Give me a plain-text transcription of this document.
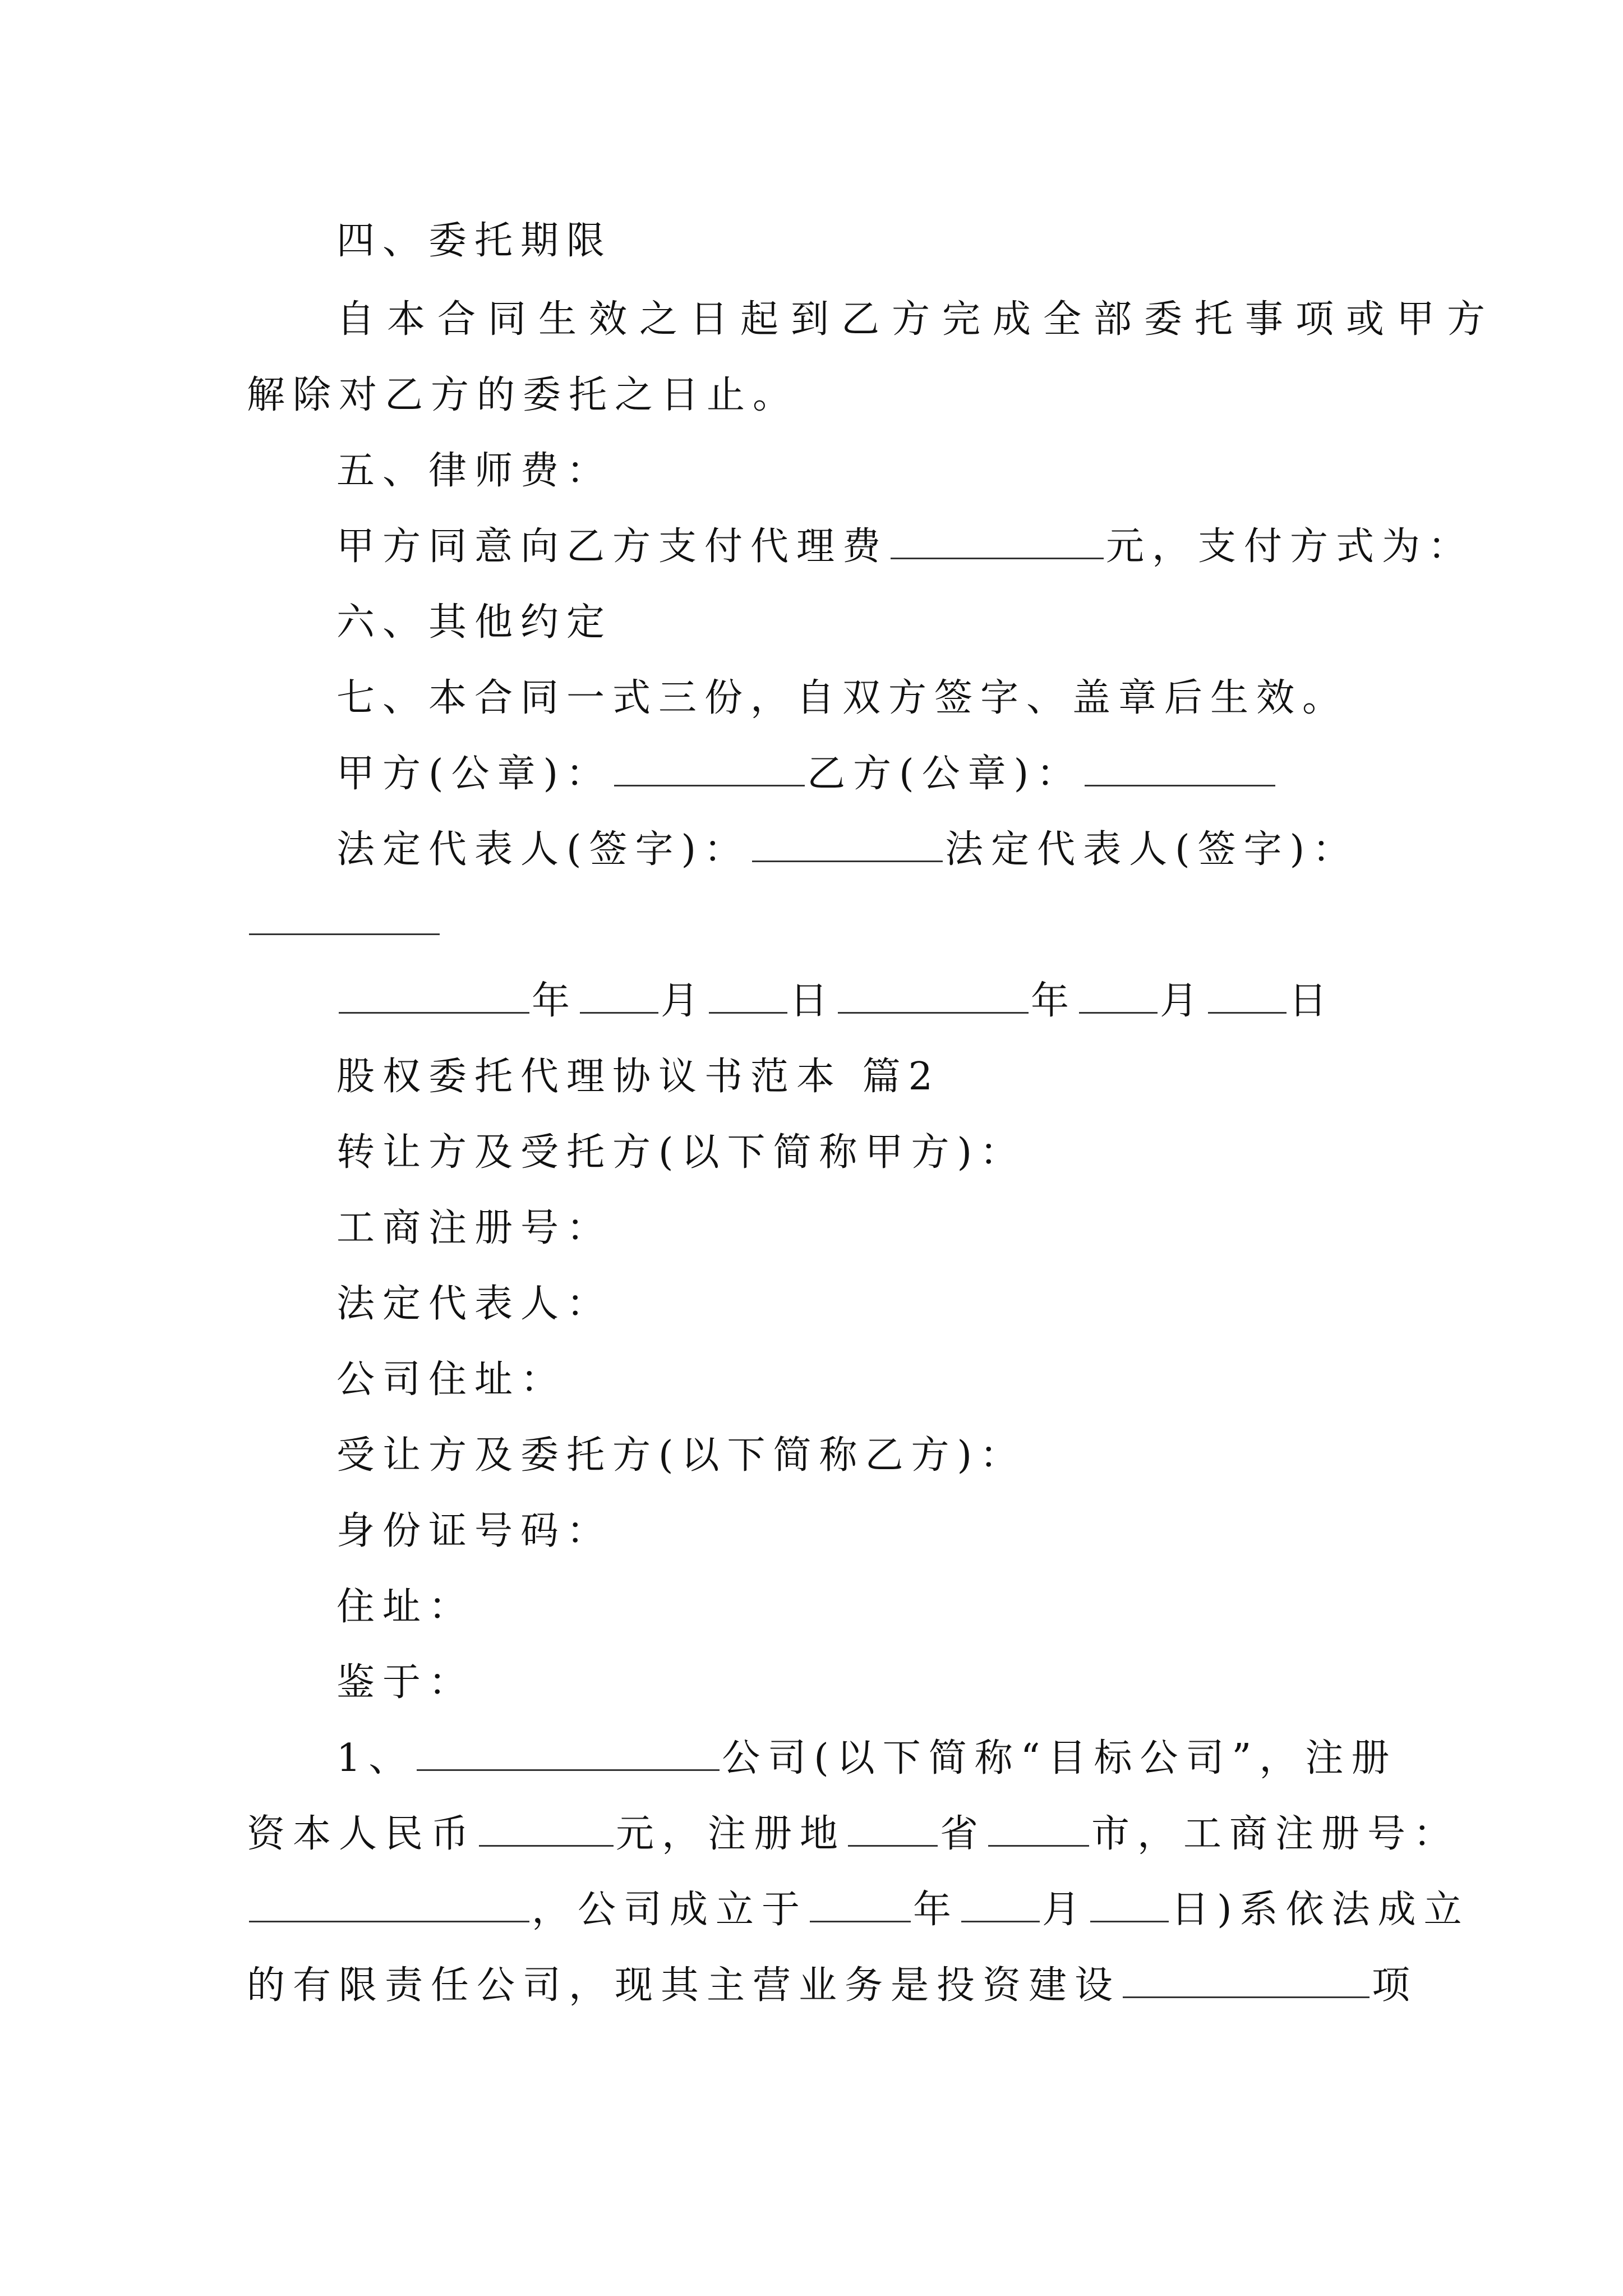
四、委托期限
自本合同生效之日起到乙方完成全部委托事项或甲方
解除对乙方的委托之日止。
五、律师费：
甲方同意向乙方支付代理费	元，支付方式为：
六、其他约定
七、本合同一式三份，自双方签字、盖章后生效。
甲方(公章)：	乙方(公章)：
法定代表人(签字)：	法定代表人(签字)：
年 月 日	年 月 日
股权委托代理协议书范本 篇2
转让方及受托方(以下简称甲方)：
工商注册号：
法定代表人：
公司住址：
受让方及委托方(以下简称乙方)：
身份证号码：
住址：
鉴于：
1、	公司(以下简称“目标公司”，注册
资本人民币	元，注册地 省	市，工商注册号：
，公司成立于	年 月 日)系依法成立
的有限责任公司，现其主营业务是投资建设	项
